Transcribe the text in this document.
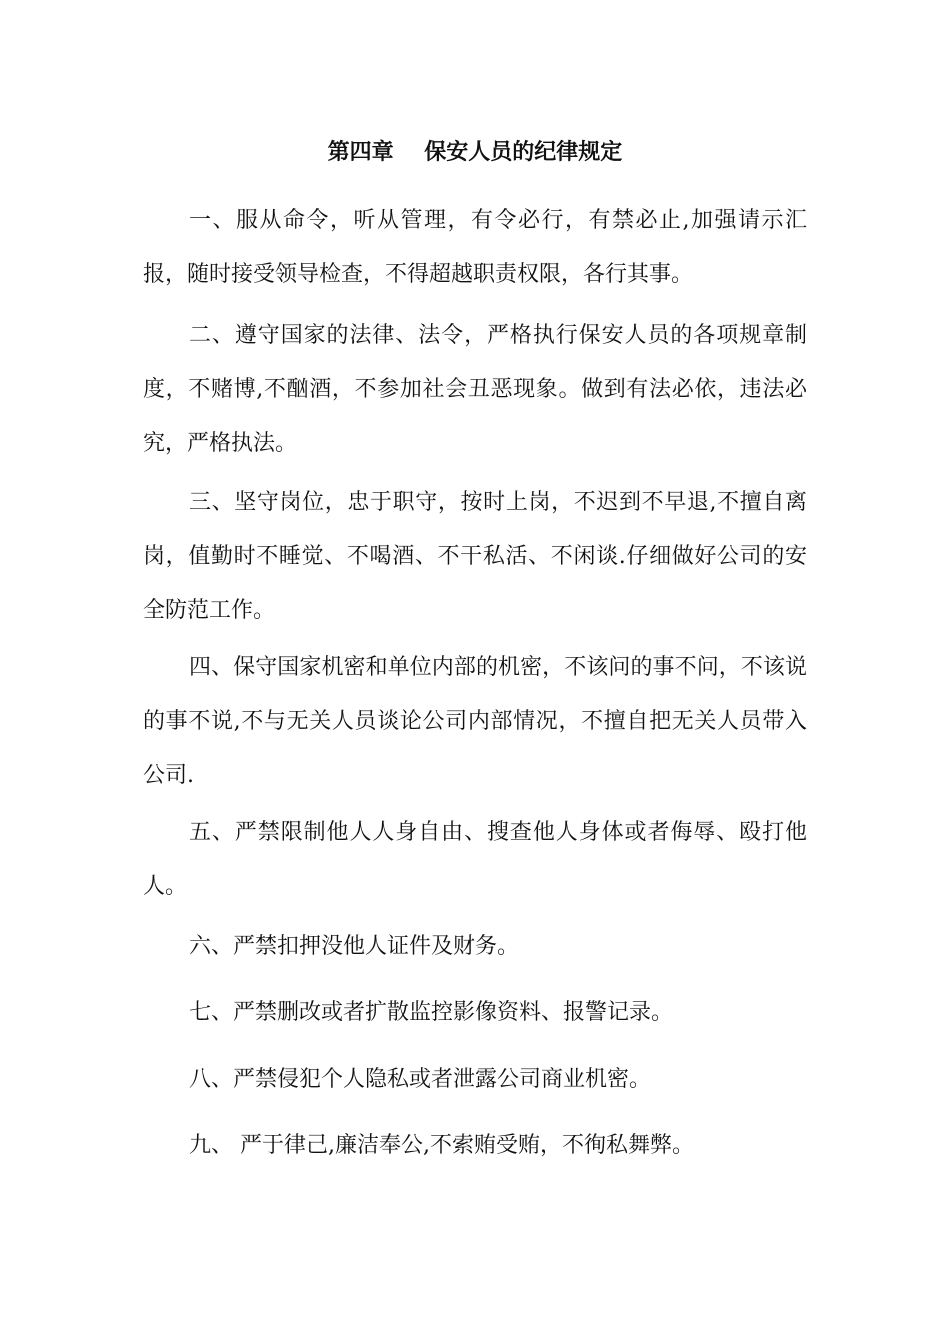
第四章    保安人员的纪律规定

一、服从命令，听从管理，有令必行，有禁必止,加强请示汇报，随时接受领导检查，不得超越职责权限，各行其事。

二、遵守国家的法律、法令，严格执行保安人员的各项规章制度，不赌博,不酗酒，不参加社会丑恶现象。做到有法必依，违法必究，严格执法。

三、坚守岗位，忠于职守，按时上岗，不迟到不早退,不擅自离岗，值勤时不睡觉、不喝酒、不干私活、不闲谈.仔细做好公司的安全防范工作。

四、保守国家机密和单位内部的机密，不该问的事不问，不该说的事不说,不与无关人员谈论公司内部情况，不擅自把无关人员带入公司.

五、严禁限制他人人身自由、搜查他人身体或者侮辱、殴打他人。

六、严禁扣押没他人证件及财务。

七、严禁删改或者扩散监控影像资料、报警记录。

八、严禁侵犯个人隐私或者泄露公司商业机密。

九、 严于律己,廉洁奉公,不索贿受贿，不徇私舞弊。
